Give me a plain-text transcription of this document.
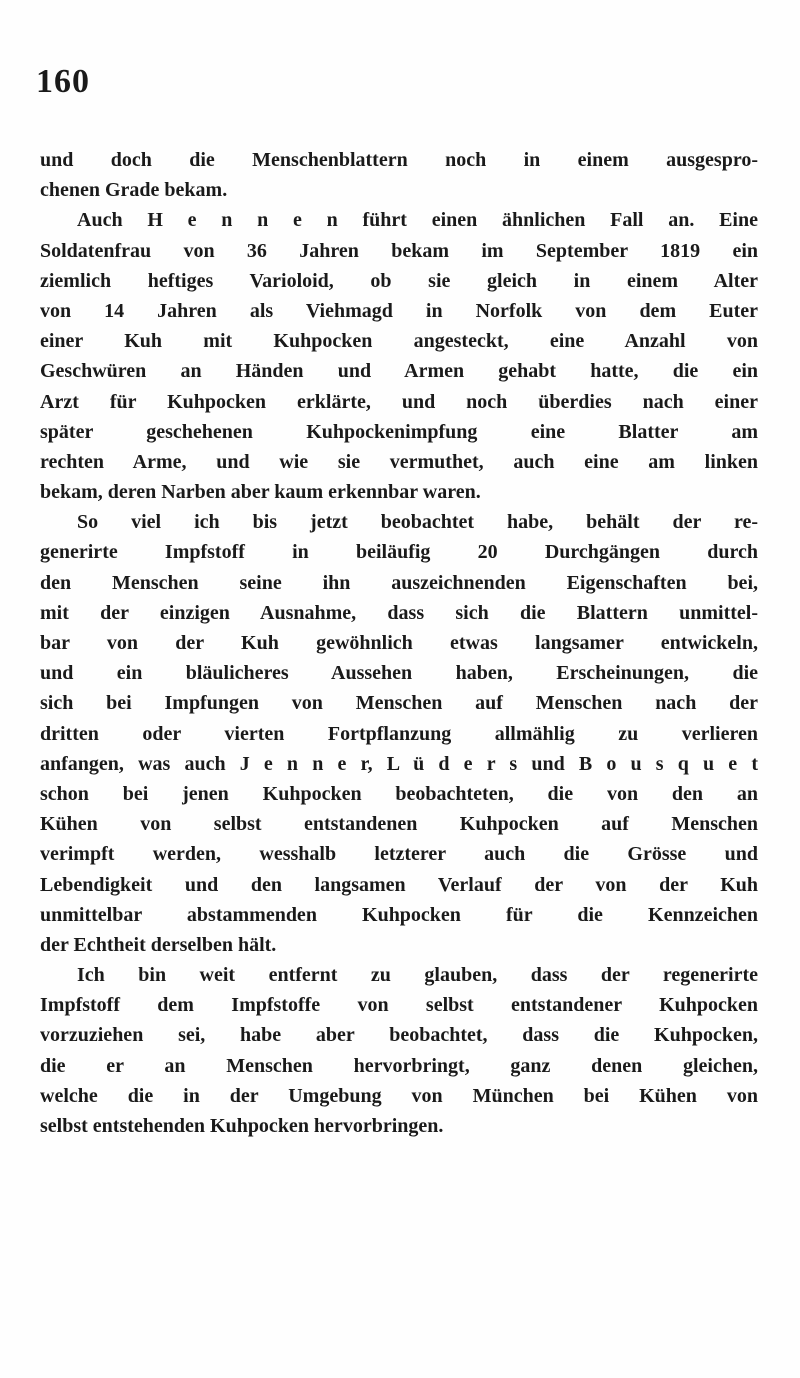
160
und doch die Menschenblattern noch in einem ausgespro-
chenen Grade bekam.
Auch H e n n e n führt einen ähnlichen Fall an. Eine
Soldatenfrau von 36 Jahren bekam im September 1819 ein
ziemlich heftiges Varioloid, ob sie gleich in einem Alter
von 14 Jahren als Viehmagd in Norfolk von dem Euter
einer Kuh mit Kuhpocken angesteckt, eine Anzahl von
Geschwüren an Händen und Armen gehabt hatte, die ein
Arzt für Kuhpocken erklärte, und noch überdies nach einer
später geschehenen Kuhpockenimpfung eine Blatter am
rechten Arme, und wie sie vermuthet, auch eine am linken
bekam, deren Narben aber kaum erkennbar waren.
So viel ich bis jetzt beobachtet habe, behält der re-
generirte Impfstoff in beiläufig 20 Durchgängen durch
den Menschen seine ihn auszeichnenden Eigenschaften bei,
mit der einzigen Ausnahme, dass sich die Blattern unmittel-
bar von der Kuh gewöhnlich etwas langsamer entwickeln,
und ein bläulicheres Aussehen haben, Erscheinungen, die
sich bei Impfungen von Menschen auf Menschen nach der
dritten oder vierten Fortpflanzung allmählig zu verlieren
anfangen, was auch J e n n e r, L ü d e r s und B o u s q u e t
schon bei jenen Kuhpocken beobachteten, die von den an
Kühen von selbst entstandenen Kuhpocken auf Menschen
verimpft werden, wesshalb letzterer auch die Grösse und
Lebendigkeit und den langsamen Verlauf der von der Kuh
unmittelbar abstammenden Kuhpocken für die Kennzeichen
der Echtheit derselben hält.
Ich bin weit entfernt zu glauben, dass der regenerirte
Impfstoff dem Impfstoffe von selbst entstandener Kuhpocken
vorzuziehen sei, habe aber beobachtet, dass die Kuhpocken,
die er an Menschen hervorbringt, ganz denen gleichen,
welche die in der Umgebung von München bei Kühen von
selbst entstehenden Kuhpocken hervorbringen.
